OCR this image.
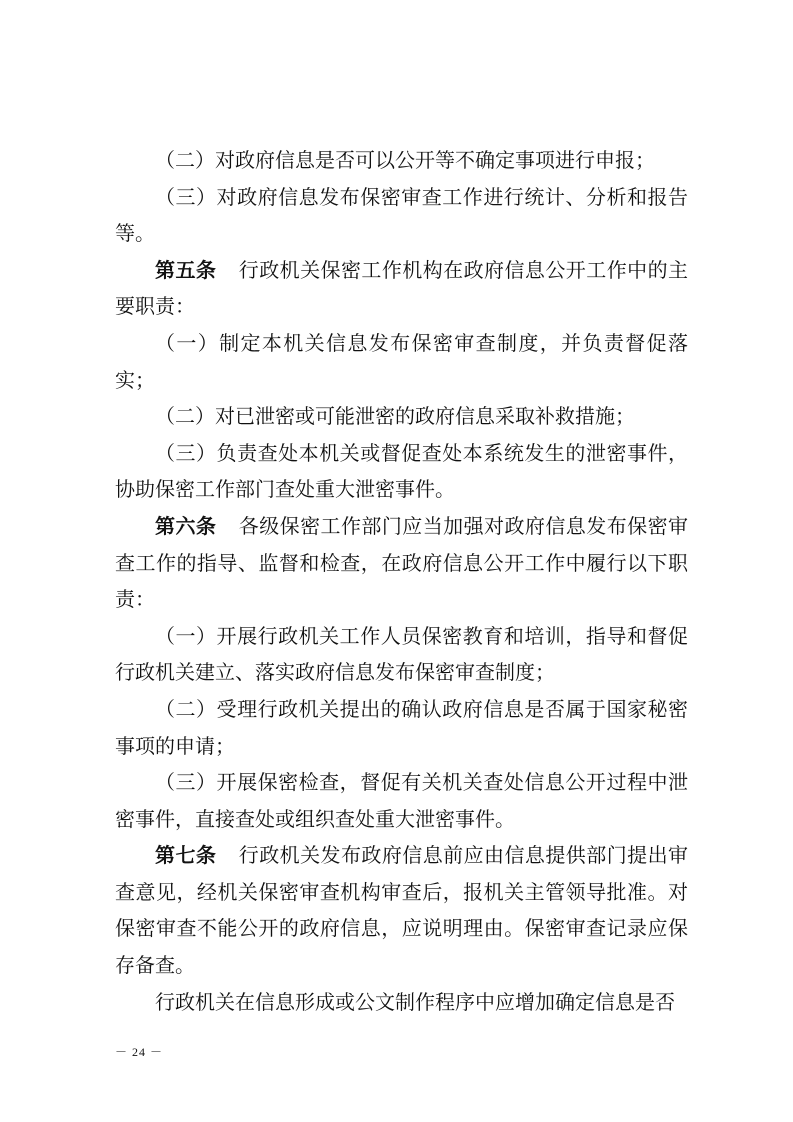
（二）对政府信息是否可以公开等不确定事项进行申报；

（三）对政府信息发布保密审查工作进行统计、分析和报告等。

第五条 行政机关保密工作机构在政府信息公开工作中的主要职责：

（一）制定本机关信息发布保密审查制度，并负责督促落实；

（二）对已泄密或可能泄密的政府信息采取补救措施；

（三）负责查处本机关或督促查处本系统发生的泄密事件，协助保密工作部门查处重大泄密事件。

第六条 各级保密工作部门应当加强对政府信息发布保密审查工作的指导、监督和检查，在政府信息公开工作中履行以下职责：

（一）开展行政机关工作人员保密教育和培训，指导和督促行政机关建立、落实政府信息发布保密审查制度；

（二）受理行政机关提出的确认政府信息是否属于国家秘密事项的申请；

（三）开展保密检查，督促有关机关查处信息公开过程中泄密事件，直接查处或组织查处重大泄密事件。

第七条 行政机关发布政府信息前应由信息提供部门提出审查意见，经机关保密审查机构审查后，报机关主管领导批准。对保密审查不能公开的政府信息，应说明理由。保密审查记录应保存备查。

行政机关在信息形成或公文制作程序中应增加确定信息是否

－ 24 －
